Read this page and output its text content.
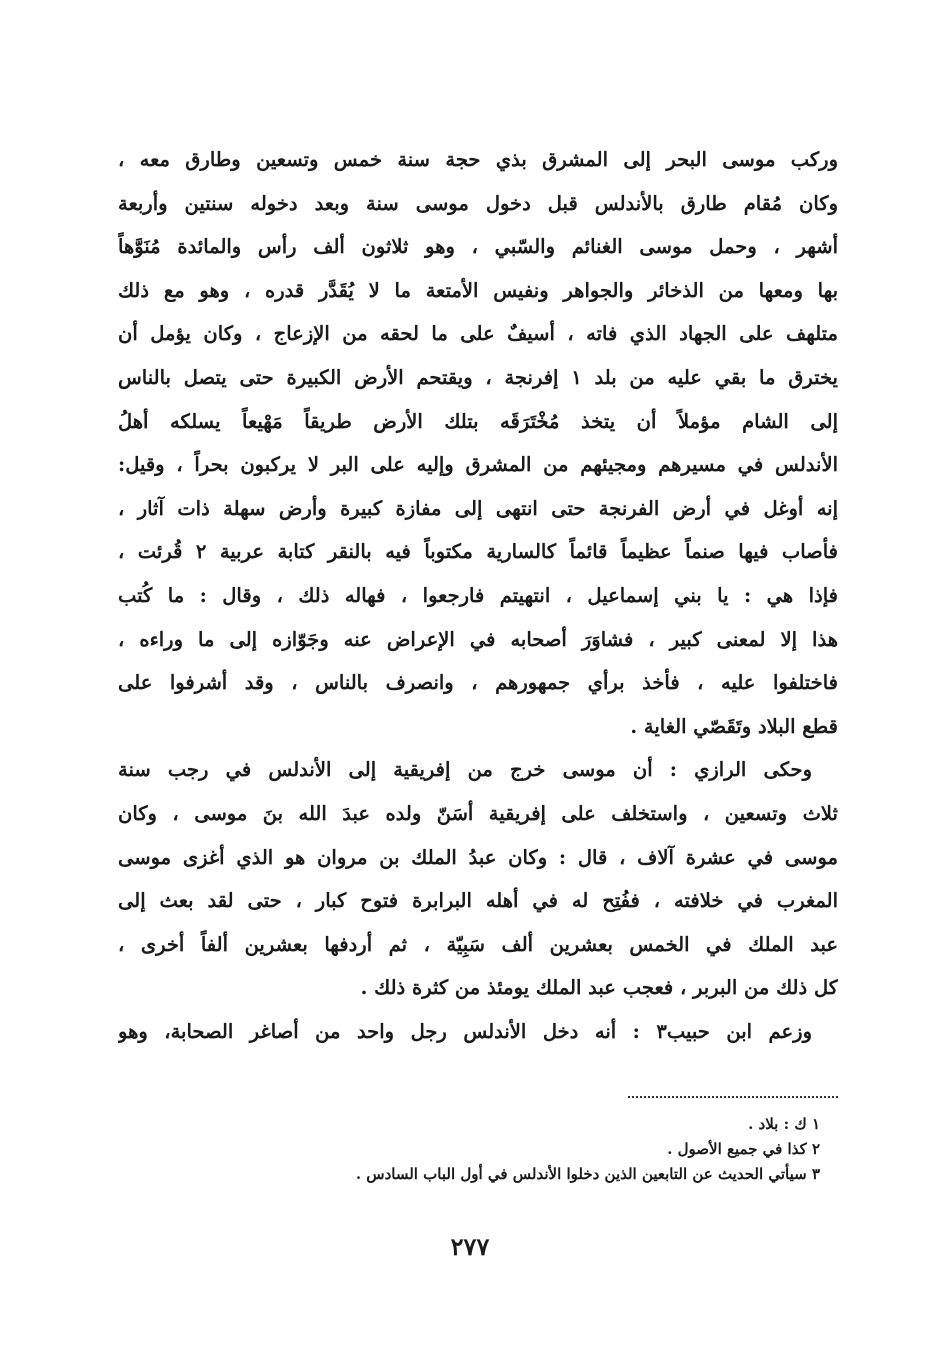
وركب موسى البحر إلى المشرق بذي حجة سنة خمس وتسعين وطارق معه ،
وكان مُقام طارق بالأندلس قبل دخول موسى سنة وبعد دخوله سنتين وأربعة
أشهر ، وحمل موسى الغنائم والسّبي ، وهو ثلاثون ألف رأس والمائدة مُنَوَّهاً
بها ومعها من الذخائر والجواهر ونفيس الأمتعة ما لا يُقَدَّر قدره ، وهو مع ذلك
متلهف على الجهاد الذي فاته ، أسيفٌ على ما لحقه من الإزعاج ، وكان يؤمل أن
يخترق ما بقي عليه من بلد ١ إفرنجة ، ويقتحم الأرض الكبيرة حتى يتصل بالناس
إلى الشام مؤملاً أن يتخذ مُخْتَرَقَه بتلك الأرض طريقاً مَهْيعاً يسلكه أهلُ
الأندلس في مسيرهم ومجيئهم من المشرق وإليه على البر لا يركبون بحراً ، وقيل:
إنه أوغل في أرض الفرنجة حتى انتهى إلى مفازة كبيرة وأرض سهلة ذات آثار ،
فأصاب فيها صنماً عظيماً قائماً كالسارية مكتوباً فيه بالنقر كتابة عربية ٢ قُرئت ،
فإذا هي : يا بني إسماعيل ، انتهيتم فارجعوا ، فهاله ذلك ، وقال : ما كُتب
هذا إلا لمعنى كبير ، فشاوَرَ أصحابه في الإعراض عنه وجَوّازه إلى ما وراءه ،
فاختلفوا عليه ، فأخذ برأي جمهورهم ، وانصرف بالناس ، وقد أشرفوا على
قطع البلاد وتَقَصّي الغاية .
وحكى الرازي : أن موسى خرج من إفريقية إلى الأندلس في رجب سنة
ثلاث وتسعين ، واستخلف على إفريقية أسَنّ ولده عبدَ الله بنَ موسى ، وكان
موسى في عشرة آلاف ، قال : وكان عبدُ الملك بن مروان هو الذي أغزى موسى
المغرب في خلافته ، ففُتِح له في أهله البرابرة فتوح كبار ، حتى لقد بعث إلى
عبد الملك في الخمس بعشرين ألف سَبِيّة ، ثم أردفها بعشرين ألفاً أخرى ،
كل ذلك من البربر ، فعجب عبد الملك يومئذ من كثرة ذلك .
وزعم ابن حبيب٣ : أنه دخل الأندلس رجل واحد من أصاغر الصحابة، وهو
١ ك : بلاد .
٢ كذا في جميع الأصول .
٣ سيأتي الحديث عن التابعين الذين دخلوا الأندلس في أول الباب السادس .
٢٧٧
